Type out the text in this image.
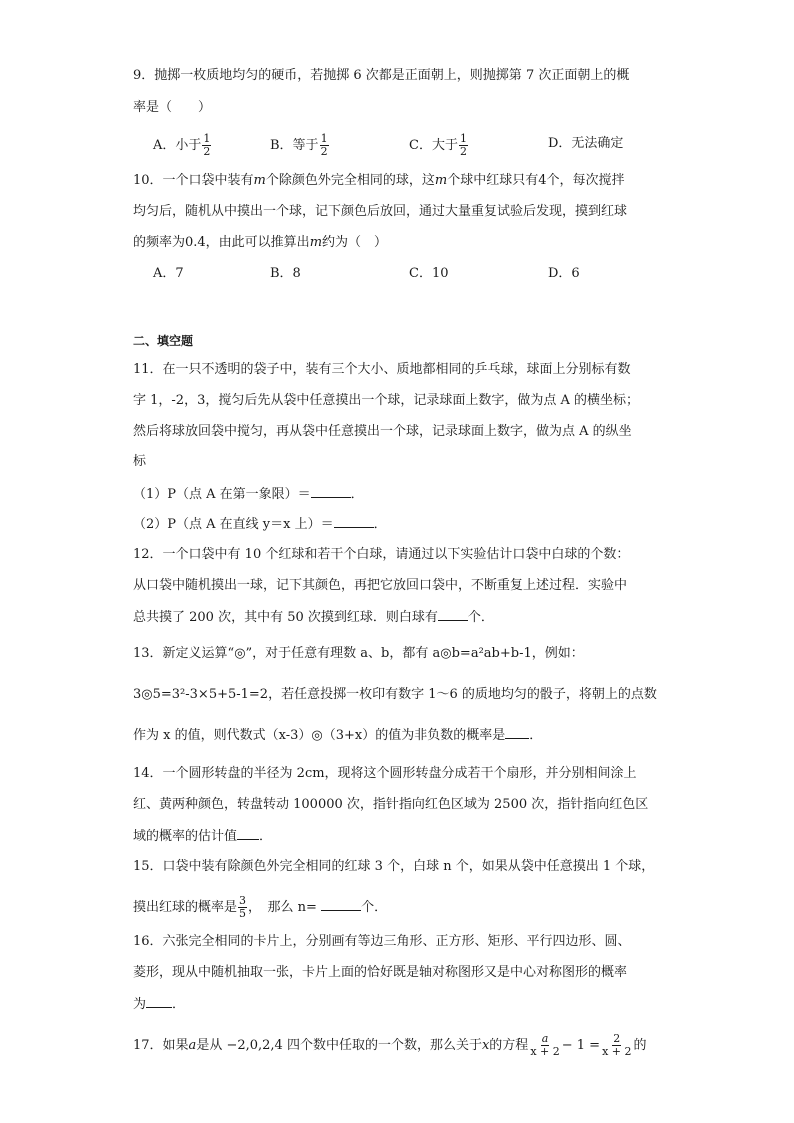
9．抛掷一枚质地均匀的硬币，若抛掷 6 次都是正面朝上，则抛掷第 7 次正面朝上的概
率是（　　）
A．小于 $\frac{1}{2}$	B．等于 $\frac{1}{2}$	C．大于 $\frac{1}{2}$	D．无法确定
10．一个口袋中装有m个除颜色外完全相同的球，这m个球中红球只有4个，每次搅拌
均匀后，随机从中摸出一个球，记下颜色后放回，通过大量重复试验后发现，摸到红球
的频率为0.4，由此可以推算出m约为（　）
A．7	B．8	C．10	D．6
二、填空题
11．在一只不透明的袋子中，装有三个大小、质地都相同的乒乓球，球面上分别标有数
字 1，-2，3，搅匀后先从袋中任意摸出一个球，记录球面上数字，做为点 A 的横坐标；
然后将球放回袋中搅匀，再从袋中任意摸出一个球，记录球面上数字，做为点 A 的纵坐
标
（1）P（点 A 在第一象限）＝	．
（2）P（点 A 在直线 y＝x 上）＝	．
12．一个口袋中有 10 个红球和若干个白球，请通过以下实验估计口袋中白球的个数：
从口袋中随机摸出一球，记下其颜色，再把它放回口袋中，不断重复上述过程．实验中
总共摸了 200 次，其中有 50 次摸到红球．则白球有 个．
13．新定义运算“◎”，对于任意有理数 a、b，都有 a◎b=a²ab+b-1，例如：
3◎5=3²-3×5+5-1=2，若任意投掷一枚印有数字 1～6 的质地均匀的骰子，将朝上的点数
作为 x 的值，则代数式（x-3）◎（3+x）的值为非负数的概率是 ．
14．一个圆形转盘的半径为 2cm，现将这个圆形转盘分成若干个扇形，并分别相间涂上
红、黄两种颜色，转盘转动 100000 次，指针指向红色区域为 2500 次，指针指向红色区
域的概率的估计值 ．
15．口袋中装有除颜色外完全相同的红球 3 个，白球 n 个，如果从袋中任意摸出 1 个球，
摸出红球的概率是 $\frac{3}{5}$ ，　那么 n=	个．
16．六张完全相同的卡片上，分别画有等边三角形、正方形、矩形、平行四边形、圆、
菱形，现从中随机抽取一张，卡片上面的恰好既是轴对称图形又是中心对称图形的概率
为 ．
17．如果a是从 −2,0,2,4 四个数中任取的一个数，那么关于x的方程 $\frac{a}{x + 2} - 1 = \frac{2}{x + 2}$ 的
